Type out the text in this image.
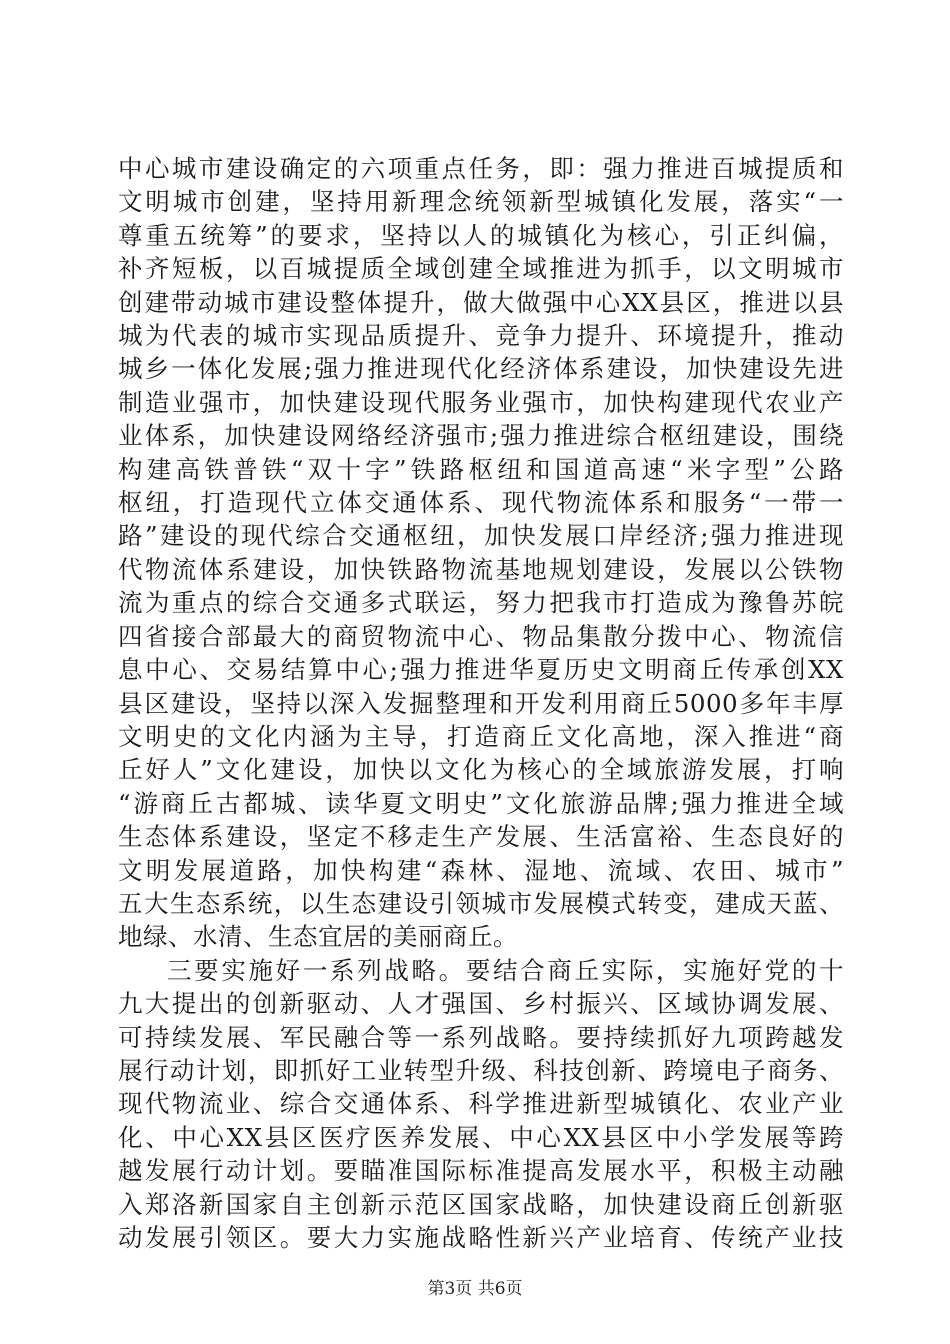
中心城市建设确定的六项重点任务，即：强力推进百城提质和
文明城市创建，坚持用新理念统领新型城镇化发展，落实“一
尊重五统筹”的要求，坚持以人的城镇化为核心，引正纠偏，
补齐短板，以百城提质全域创建全域推进为抓手，以文明城市
创建带动城市建设整体提升，做大做强中心XX县区，推进以县
城为代表的城市实现品质提升、竞争力提升、环境提升，推动
城乡一体化发展;强力推进现代化经济体系建设，加快建设先进
制造业强市，加快建设现代服务业强市，加快构建现代农业产
业体系，加快建设网络经济强市;强力推进综合枢纽建设，围绕
构建高铁普铁“双十字”铁路枢纽和国道高速“米字型”公路
枢纽，打造现代立体交通体系、现代物流体系和服务“一带一
路”建设的现代综合交通枢纽，加快发展口岸经济;强力推进现
代物流体系建设，加快铁路物流基地规划建设，发展以公铁物
流为重点的综合交通多式联运，努力把我市打造成为豫鲁苏皖
四省接合部最大的商贸物流中心、物品集散分拨中心、物流信
息中心、交易结算中心;强力推进华夏历史文明商丘传承创XX
县区建设，坚持以深入发掘整理和开发利用商丘5000多年丰厚
文明史的文化内涵为主导，打造商丘文化高地，深入推进“商
丘好人”文化建设，加快以文化为核心的全域旅游发展，打响
“游商丘古都城、读华夏文明史”文化旅游品牌;强力推进全域
生态体系建设，坚定不移走生产发展、生活富裕、生态良好的
文明发展道路，加快构建“森林、湿地、流域、农田、城市”
五大生态系统，以生态建设引领城市发展模式转变，建成天蓝、
地绿、水清、生态宜居的美丽商丘。
三要实施好一系列战略。要结合商丘实际，实施好党的十
九大提出的创新驱动、人才强国、乡村振兴、区域协调发展、
可持续发展、军民融合等一系列战略。要持续抓好九项跨越发
展行动计划，即抓好工业转型升级、科技创新、跨境电子商务、
现代物流业、综合交通体系、科学推进新型城镇化、农业产业
化、中心XX县区医疗医养发展、中心XX县区中小学发展等跨
越发展行动计划。要瞄准国际标准提高发展水平，积极主动融
入郑洛新国家自主创新示范区国家战略，加快建设商丘创新驱
动发展引领区。要大力实施战略性新兴产业培育、传统产业技
第3页 共6页
